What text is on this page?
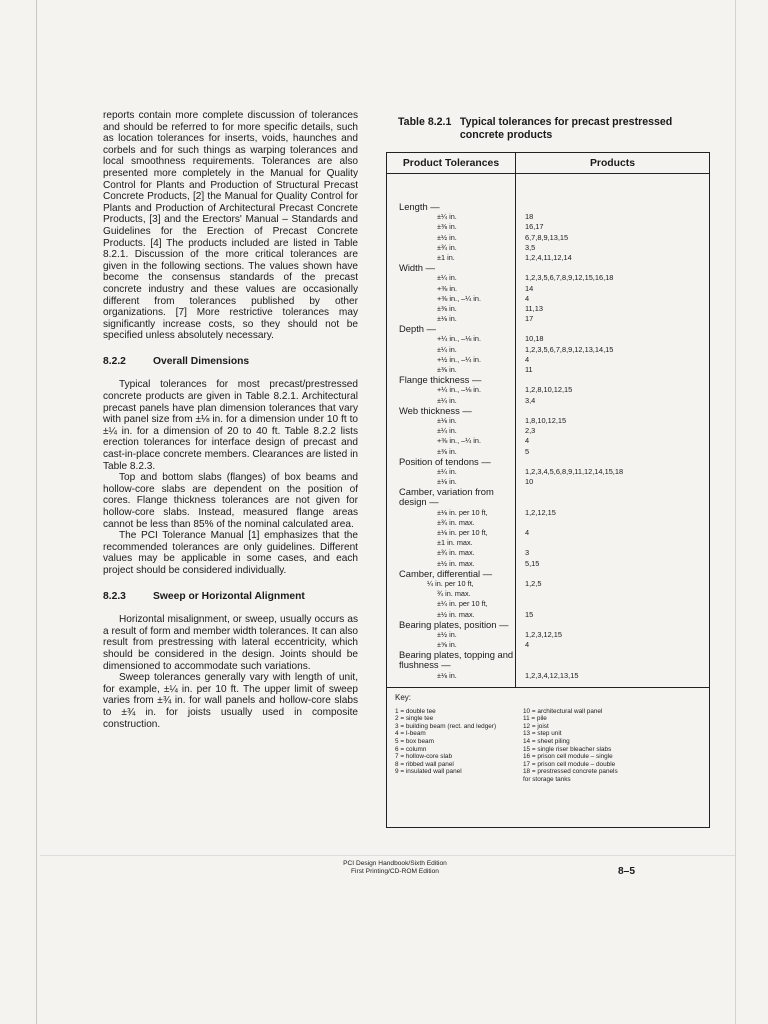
reports contain more complete discussion of tolerances and should be referred to for more specific details, such as location tolerances for inserts, voids, haunches and corbels and for such things as warping tolerances and local smoothness requirements. Tolerances are also presented more completely in the Manual for Quality Control for Plants and Production of Structural Precast Concrete Products, [2] the Manual for Quality Control for Plants and Production of Architectural Precast Concrete Products, [3] and the Erectors' Manual – Standards and Guidelines for the Erection of Precast Concrete Products. [4] The products included are listed in Table 8.2.1. Discussion of the more critical tolerances are given in the following sections. The values shown have become the consensus standards of the precast concrete industry and these values are occasionally different from tolerances published by other organizations. [7] More restrictive tolerances may significantly increase costs, so they should not be specified unless absolutely necessary.

8.2.2	Overall Dimensions

Typical tolerances for most precast/prestressed concrete products are given in Table 8.2.1. Architectural precast panels have plan dimension tolerances that vary with panel size from ±⅛ in. for a dimension under 10 ft to ±¼ in. for a dimension of 20 to 40 ft. Table 8.2.2 lists erection tolerances for interface design of precast and cast-in-place concrete members. Clearances are listed in Table 8.2.3.

Top and bottom slabs (flanges) of box beams and hollow-core slabs are dependent on the position of cores. Flange thickness tolerances are not given for hollow-core slabs. Instead, measured flange areas cannot be less than 85% of the nominal calculated area.

The PCI Tolerance Manual [1] emphasizes that the recommended tolerances are only guidelines. Different values may be applicable in some cases, and each project should be considered individually.

8.2.3	Sweep or Horizontal Alignment

Horizontal misalignment, or sweep, usually occurs as a result of form and member width tolerances. It can also result from prestressing with lateral eccentricity, which should be considered in the design. Joints should be dimensioned to accommodate such variations.

Sweep tolerances generally vary with length of unit, for example, ±¼ in. per 10 ft. The upper limit of sweep varies from ±¾ in. for wall panels and hollow-core slabs to ±¾ in. for joists usually used in composite construction.

Table 8.2.1 Typical tolerances for precast prestressed concrete products
Product Tolerances	Products
Length —
±¼ in.	18
±⅜ in.	16,17
±½ in.	6,7,8,9,13,15
±¾ in.	3,5
±1 in.	1,2,4,11,12,14
Width —
±¼ in.	1,2,3,5,6,7,8,9,12,15,16,18
+⅜ in.	14
+⅜ in., –¼ in.	4
±⅜ in.	11,13
±⅛ in.	17
Depth —
+¼ in., –⅛ in.	10,18
±¼ in.	1,2,3,5,6,7,8,9,12,13,14,15
+½ in., –¼ in.	4
±⅜ in.	11
Flange thickness —
+¼ in., –⅛ in.	1,2,8,10,12,15
±¼ in.	3,4
Web thickness —
±⅛ in.	1,8,10,12,15
±¼ in.	2,3
+⅜ in., –¼ in.	4
±⅜ in.	5
Position of tendons —
±¼ in.	1,2,3,4,5,6,8,9,11,12,14,15,18
±⅛ in.	10
Camber, variation from
design —
±⅛ in. per 10 ft,	1,2,12,15
±¾ in. max.
±⅛ in. per 10 ft,	4
±1 in. max.
±¾ in. max.	3
±½ in. max.	5,15
Camber, differential —
¼ in. per 10 ft,	1,2,5
¾ in. max.
±¼ in. per 10 ft,
±½ in. max.	15
Bearing plates, position —
±½ in.	1,2,3,12,15
±⅝ in.	4
Bearing plates, topping and
flushness —
±⅛ in.	1,2,3,4,12,13,15
Key:
1 = double tee
2 = single tee
3 = building beam (rect. and ledger)
4 = I-beam
5 = box beam
6 = column
7 = hollow-core slab
8 = ribbed wall panel
9 = insulated wall panel
10 = architectural wall panel
11 = pile
12 = joist
13 = step unit
14 = sheet piling
15 = single riser bleacher slabs
16 = prison cell module – single
17 = prison cell module – double
18 = prestressed concrete panels
for storage tanks
PCI Design Handbook/Sixth Edition
First Printing/CD-ROM Edition	8–5
